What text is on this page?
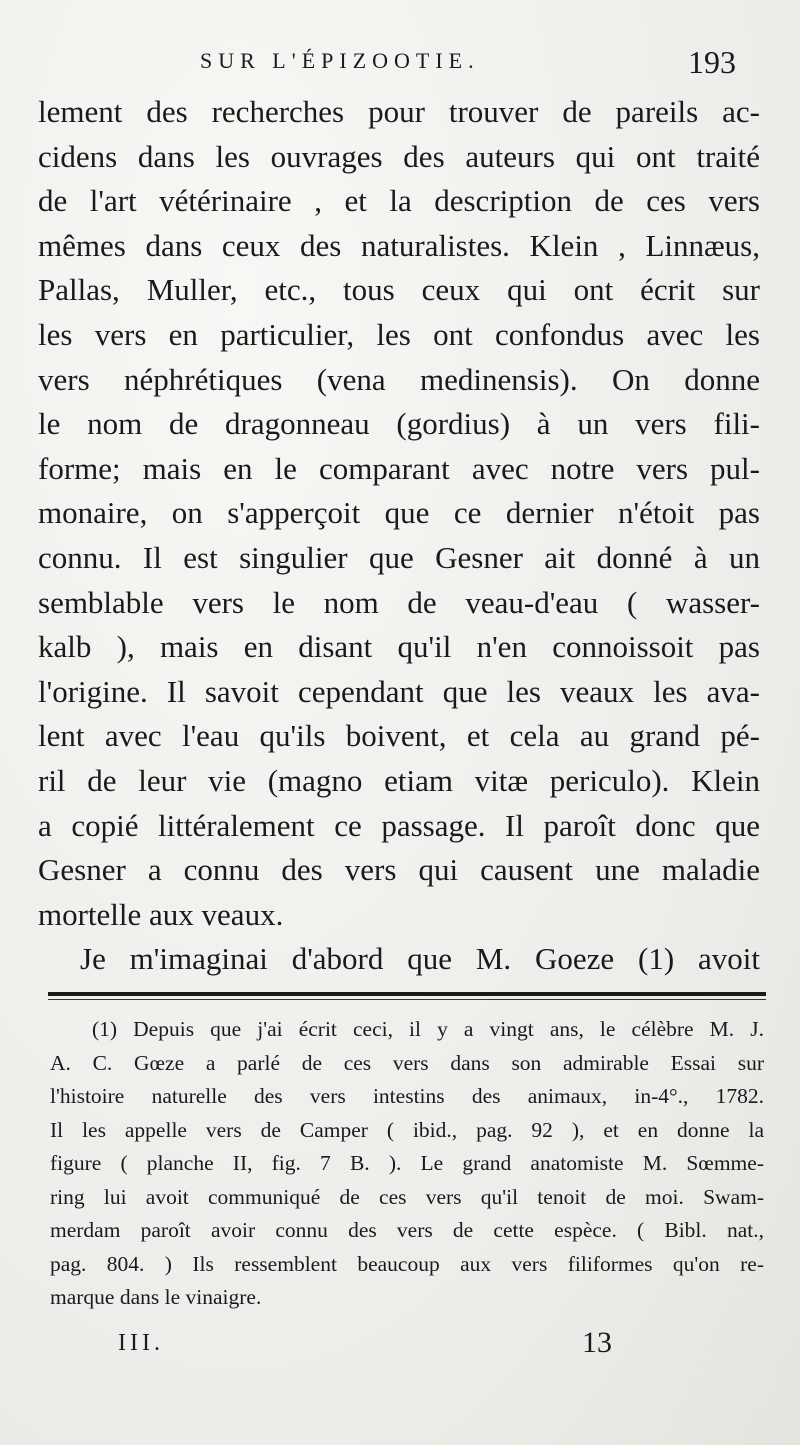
SUR L'ÉPIZOOTIE.	193
lement des recherches pour trouver de pareils ac-
cidens dans les ouvrages des auteurs qui ont traité
de l'art vétérinaire , et la description de ces vers
mêmes dans ceux des naturalistes. Klein , Linnæus,
Pallas, Muller, etc., tous ceux qui ont écrit sur
les vers en particulier, les ont confondus avec les
vers néphrétiques (vena medinensis). On donne
le nom de dragonneau (gordius) à un vers fili-
forme; mais en le comparant avec notre vers pul-
monaire, on s'apperçoit que ce dernier n'étoit pas
connu. Il est singulier que Gesner ait donné à un
semblable vers le nom de veau-d'eau ( wasser-
kalb ), mais en disant qu'il n'en connoissoit pas
l'origine. Il savoit cependant que les veaux les ava-
lent avec l'eau qu'ils boivent, et cela au grand pé-
ril de leur vie (magno etiam vitæ periculo). Klein
a copié littéralement ce passage. Il paroît donc que
Gesner a connu des vers qui causent une maladie
mortelle aux veaux.
Je m'imaginai d'abord que M. Goeze (1) avoit
(1) Depuis que j'ai écrit ceci, il y a vingt ans, le célèbre M. J.
A. C. Gœze a parlé de ces vers dans son admirable Essai sur
l'histoire naturelle des vers intestins des animaux, in-4°., 1782.
Il les appelle vers de Camper ( ibid., pag. 92 ), et en donne la
figure ( planche II, fig. 7 B. ). Le grand anatomiste M. Sœmme-
ring lui avoit communiqué de ces vers qu'il tenoit de moi. Swam-
merdam paroît avoir connu des vers de cette espèce. ( Bibl. nat.,
pag. 804. ) Ils ressemblent beaucoup aux vers filiformes qu'on re-
marque dans le vinaigre.
III.	13
